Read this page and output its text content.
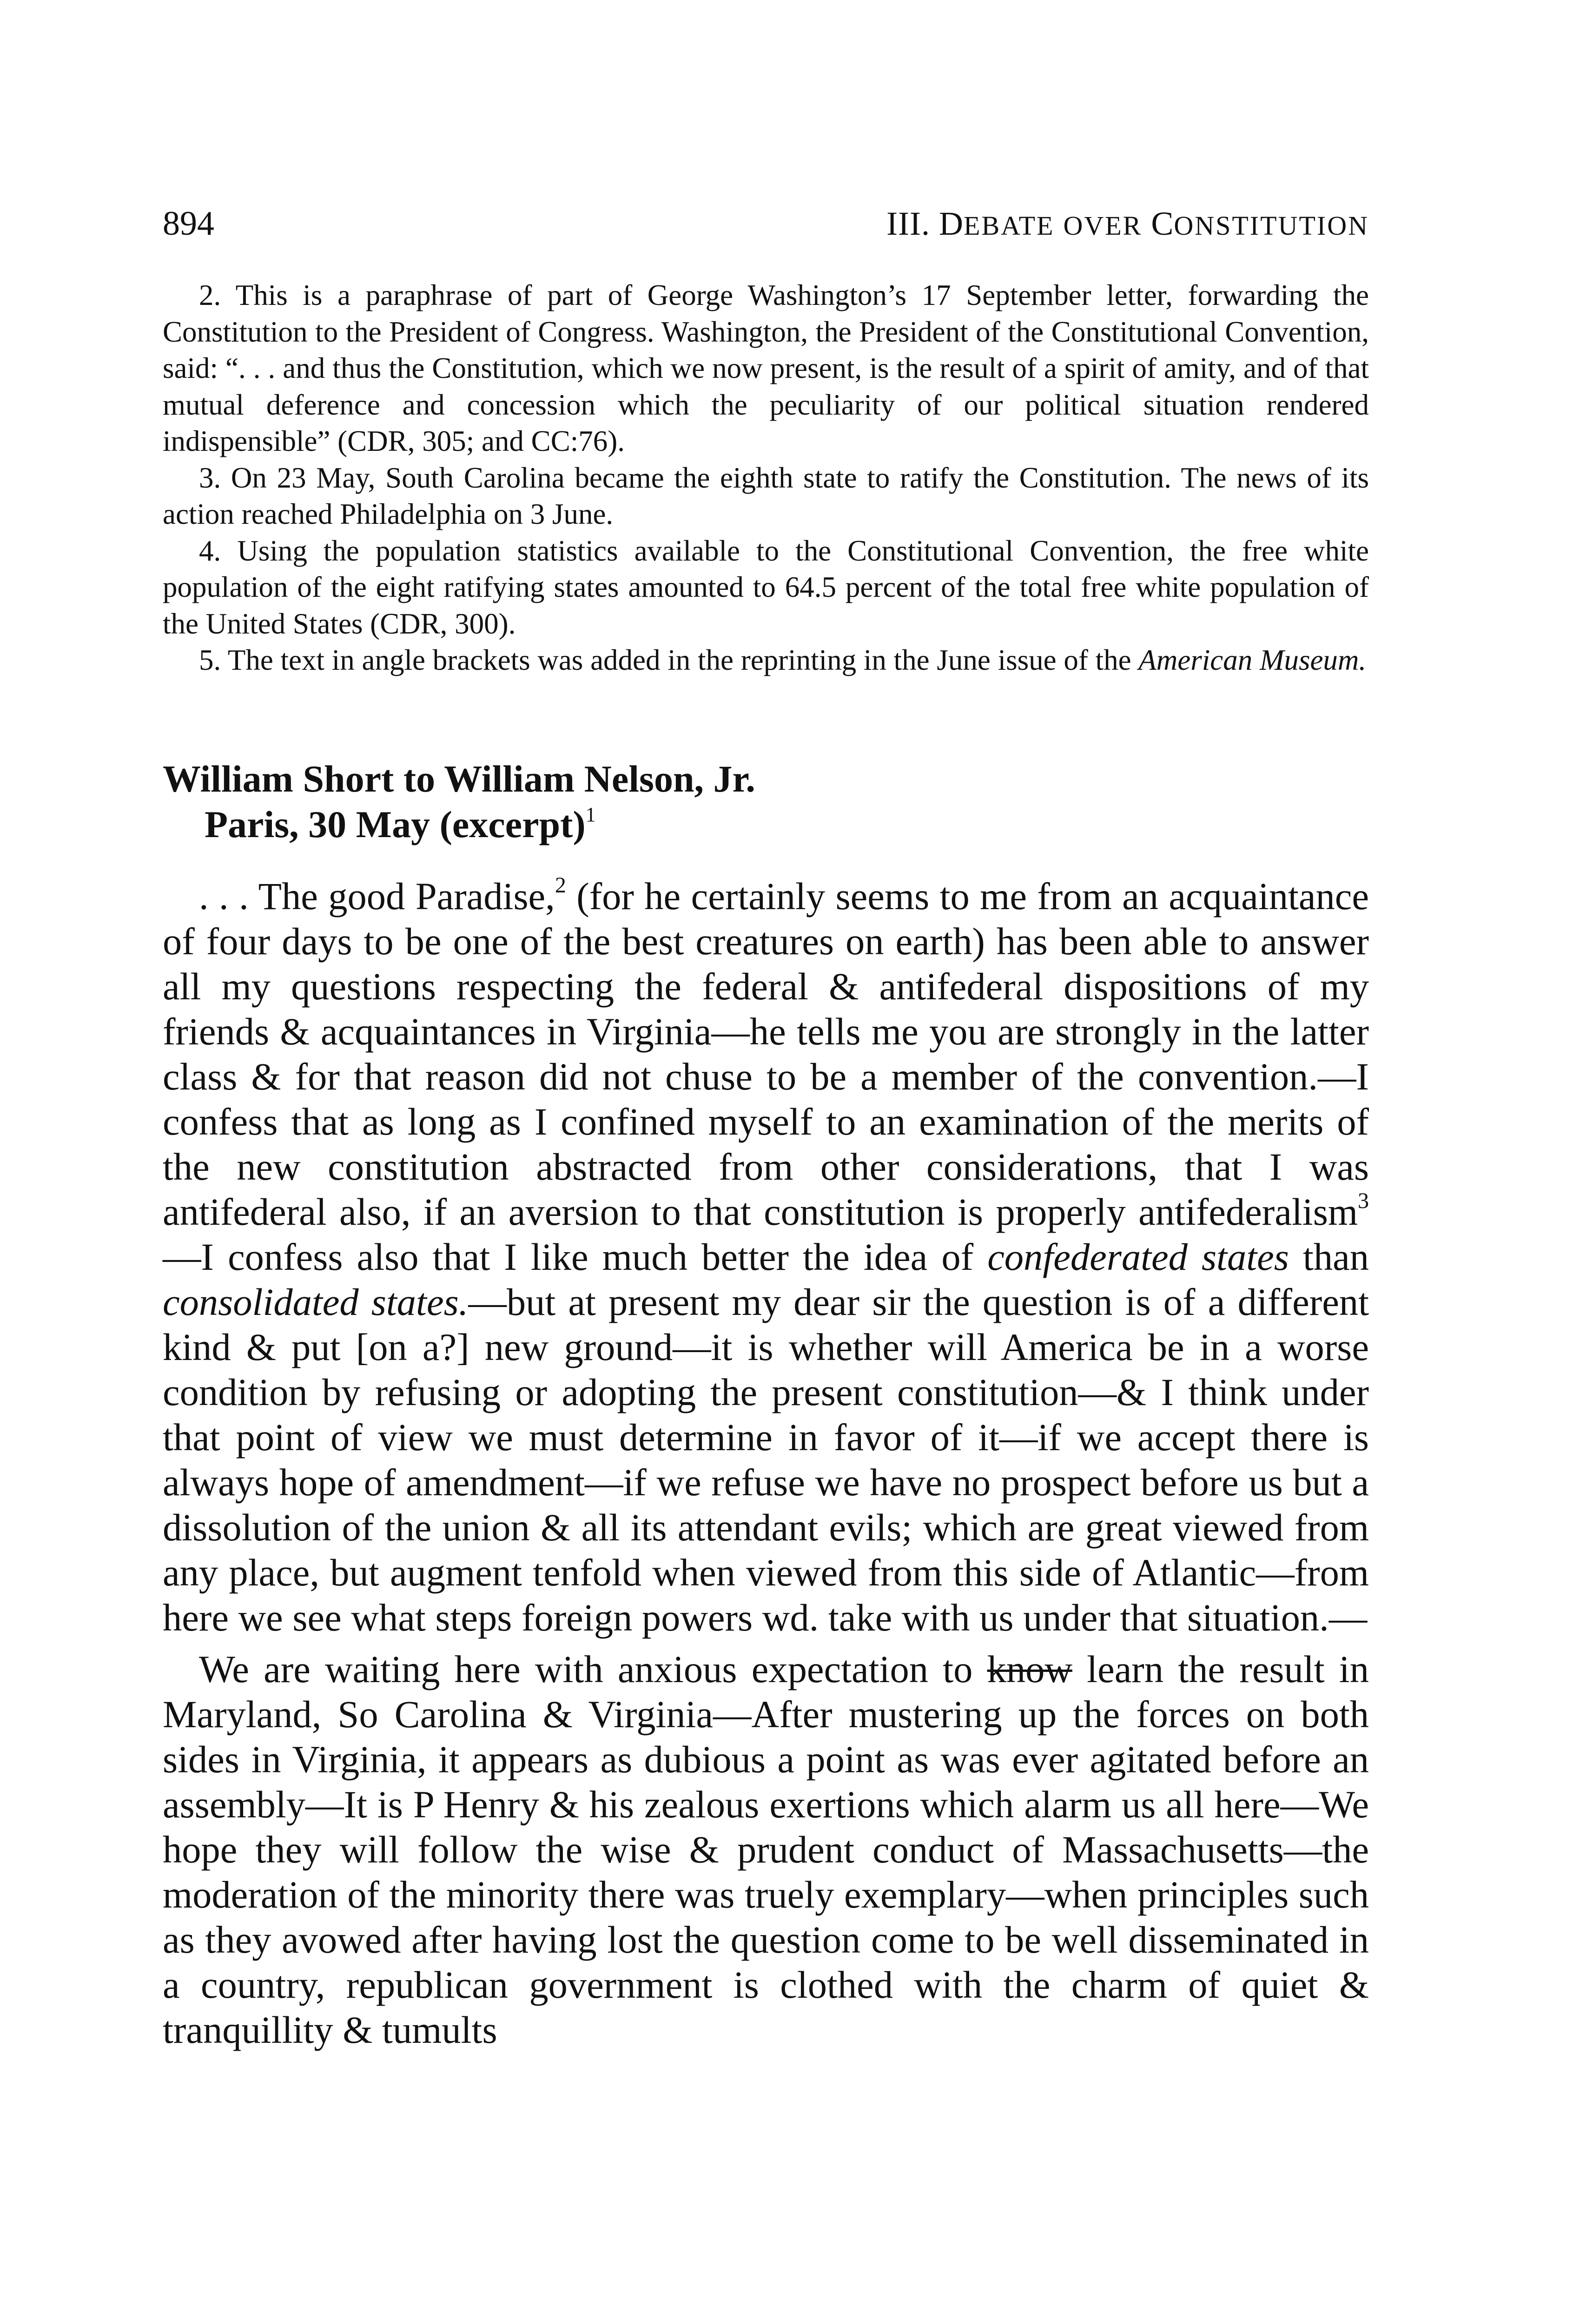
894	III. DEBATE OVER CONSTITUTION

2. This is a paraphrase of part of George Washington’s 17 September letter, forwarding the Constitution to the President of Congress. Washington, the President of the Constitutional Convention, said: “. . . and thus the Constitution, which we now present, is the result of a spirit of amity, and of that mutual deference and concession which the peculiarity of our political situation rendered indispensible” (CDR, 305; and CC:76).

3. On 23 May, South Carolina became the eighth state to ratify the Constitution. The news of its action reached Philadelphia on 3 June.

4. Using the population statistics available to the Constitutional Convention, the free white population of the eight ratifying states amounted to 64.5 percent of the total free white population of the United States (CDR, 300).

5. The text in angle brackets was added in the reprinting in the June issue of the American Museum.

William Short to William Nelson, Jr.
Paris, 30 May (excerpt)$^1$

. . . The good Paradise,$^2$ (for he certainly seems to me from an acquaintance of four days to be one of the best creatures on earth) has been able to answer all my questions respecting the federal & antifederal dispositions of my friends & acquaintances in Virginia—he tells me you are strongly in the latter class & for that reason did not chuse to be a member of the convention.—I confess that as long as I confined myself to an examination of the merits of the new constitution abstracted from other considerations, that I was antifederal also, if an aversion to that constitution is properly antifederalism$^3$—I confess also that I like much better the idea of confederated states than consolidated states.—but at present my dear sir the question is of a different kind & put [on a?] new ground—it is whether will America be in a worse condition by refusing or adopting the present constitution—& I think under that point of view we must determine in favor of it—if we accept there is always hope of amendment—if we refuse we have no prospect before us but a dissolution of the union & all its attendant evils; which are great viewed from any place, but augment tenfold when viewed from this side of Atlantic—from here we see what steps foreign powers wd. take with us under that situation.—

We are waiting here with anxious expectation to know learn the result in Maryland, So Carolina & Virginia—After mustering up the forces on both sides in Virginia, it appears as dubious a point as was ever agitated before an assembly—It is P Henry & his zealous exertions which alarm us all here—We hope they will follow the wise & prudent conduct of Massachusetts—the moderation of the minority there was truely exemplary—when principles such as they avowed after having lost the question come to be well disseminated in a country, republican government is clothed with the charm of quiet & tranquillity & tumults
